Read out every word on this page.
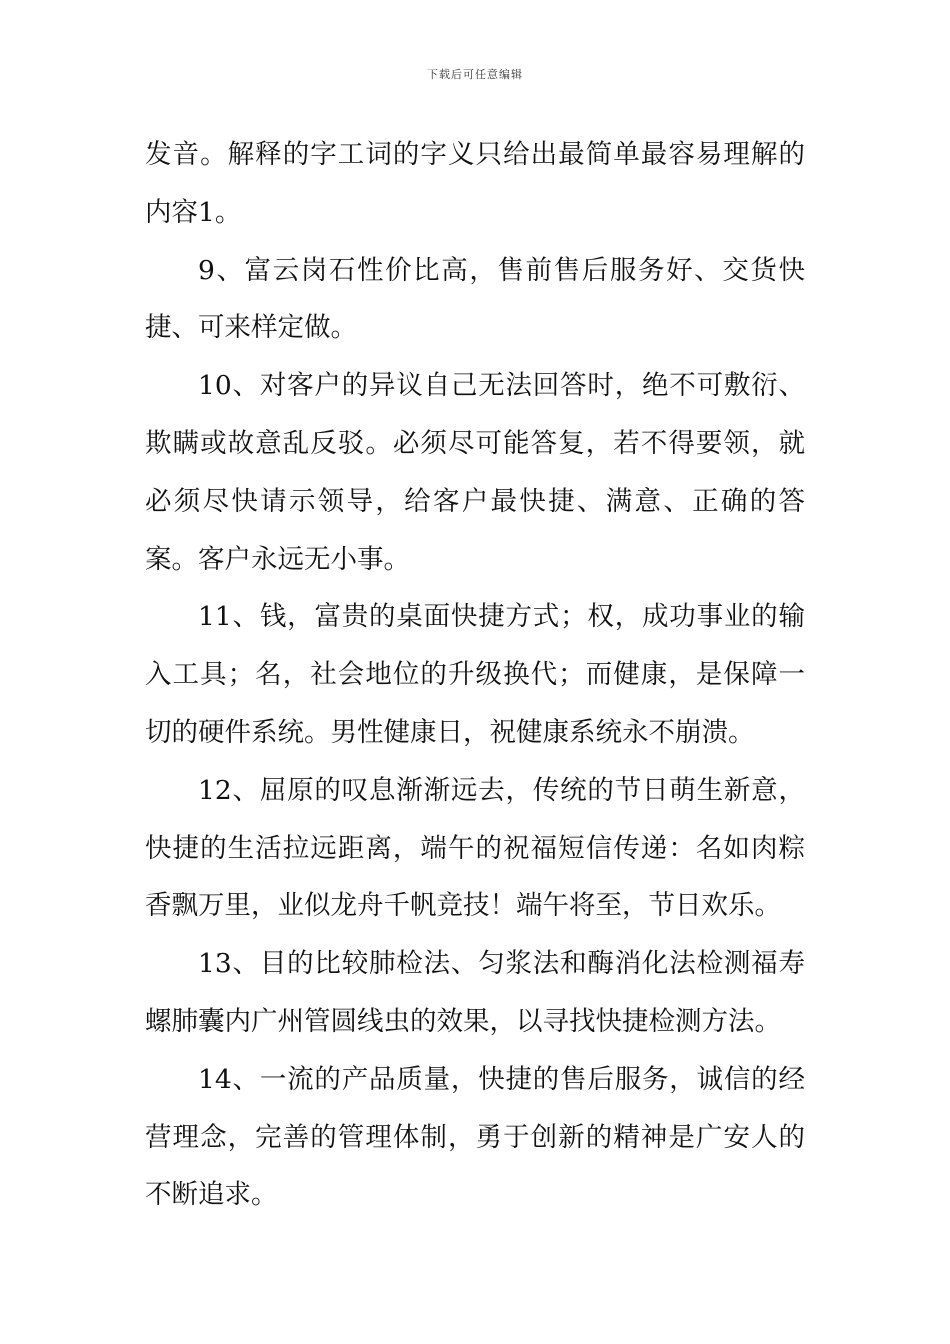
下载后可任意编辑

发音。解释的字工词的字义只给出最简单最容易理解的内容1。

9、富云岗石性价比高，售前售后服务好、交货快捷、可来样定做。

10、对客户的异议自己无法回答时，绝不可敷衍、欺瞒或故意乱反驳。必须尽可能答复，若不得要领，就必须尽快请示领导，给客户最快捷、满意、正确的答案。客户永远无小事。

11、钱，富贵的桌面快捷方式；权，成功事业的输入工具；名，社会地位的升级换代；而健康，是保障一切的硬件系统。男性健康日，祝健康系统永不崩溃。

12、屈原的叹息渐渐远去，传统的节日萌生新意，快捷的生活拉远距离，端午的祝福短信传递：名如肉粽香飘万里，业似龙舟千帆竞技！端午将至，节日欢乐。

13、目的比较肺检法、匀浆法和酶消化法检测福寿螺肺囊内广州管圆线虫的效果，以寻找快捷检测方法。

14、一流的产品质量，快捷的售后服务，诚信的经营理念，完善的管理体制，勇于创新的精神是广安人的不断追求。
